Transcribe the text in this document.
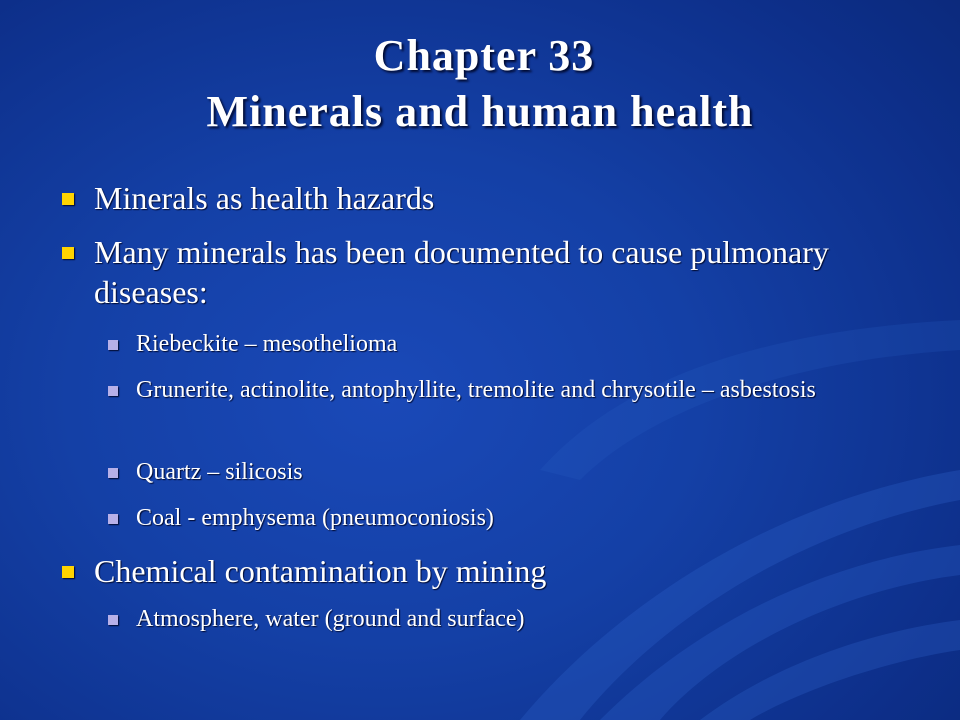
Chapter 33
Minerals and human health
Minerals as health hazards
Many minerals has been documented to cause pulmonary diseases:
Riebeckite – mesothelioma
Grunerite, actinolite, antophyllite, tremolite and chrysotile – asbestosis
Quartz – silicosis
Coal - emphysema (pneumoconiosis)
Chemical contamination by mining
Atmosphere, water (ground and surface)
